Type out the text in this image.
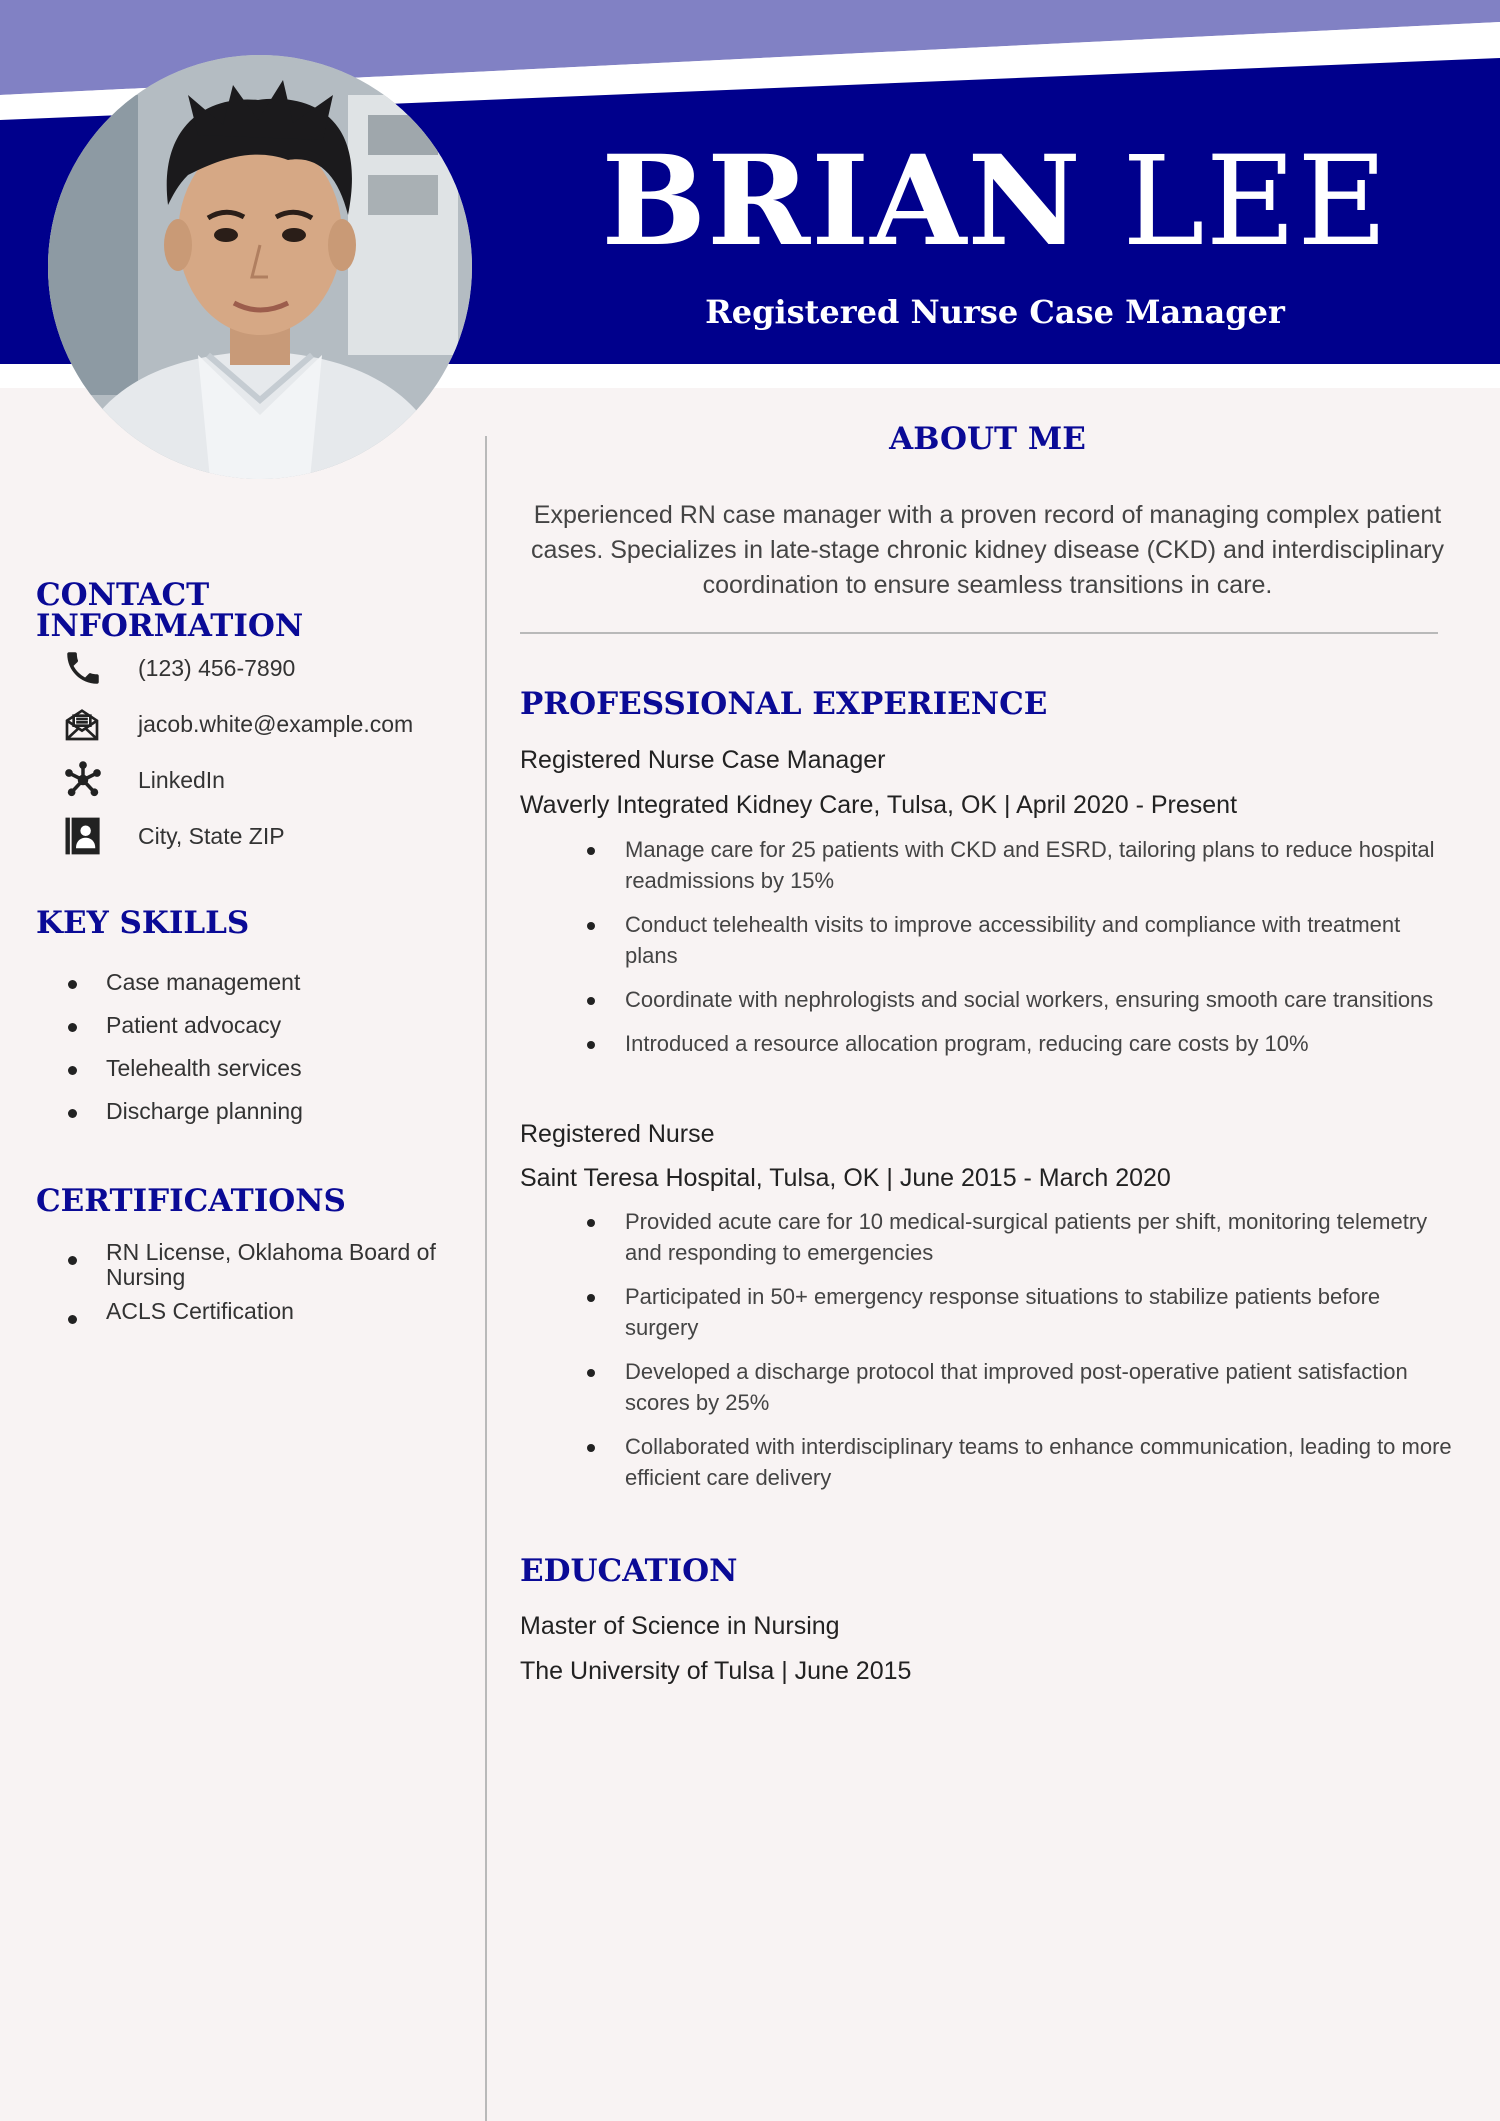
BRIAN LEE
Registered Nurse Case Manager
CONTACT INFORMATION
(123) 456-7890
jacob.white@example.com
LinkedIn
City, State ZIP
KEY SKILLS
Case management
Patient advocacy
Telehealth services
Discharge planning
CERTIFICATIONS
RN License, Oklahoma Board of Nursing
ACLS Certification
ABOUT ME
Experienced RN case manager with a proven record of managing complex patient cases. Specializes in late-stage chronic kidney disease (CKD) and interdisciplinary coordination to ensure seamless transitions in care.
PROFESSIONAL EXPERIENCE
Registered Nurse Case Manager
Waverly Integrated Kidney Care, Tulsa, OK | April 2020 - Present
Manage care for 25 patients with CKD and ESRD, tailoring plans to reduce hospital readmissions by 15%
Conduct telehealth visits to improve accessibility and compliance with treatment plans
Coordinate with nephrologists and social workers, ensuring smooth care transitions
Introduced a resource allocation program, reducing care costs by 10%
Registered Nurse
Saint Teresa Hospital, Tulsa, OK | June 2015 - March 2020
Provided acute care for 10 medical-surgical patients per shift, monitoring telemetry and responding to emergencies
Participated in 50+ emergency response situations to stabilize patients before surgery
Developed a discharge protocol that improved post-operative patient satisfaction scores by 25%
Collaborated with interdisciplinary teams to enhance communication, leading to more efficient care delivery
EDUCATION
Master of Science in Nursing
The University of Tulsa | June 2015
